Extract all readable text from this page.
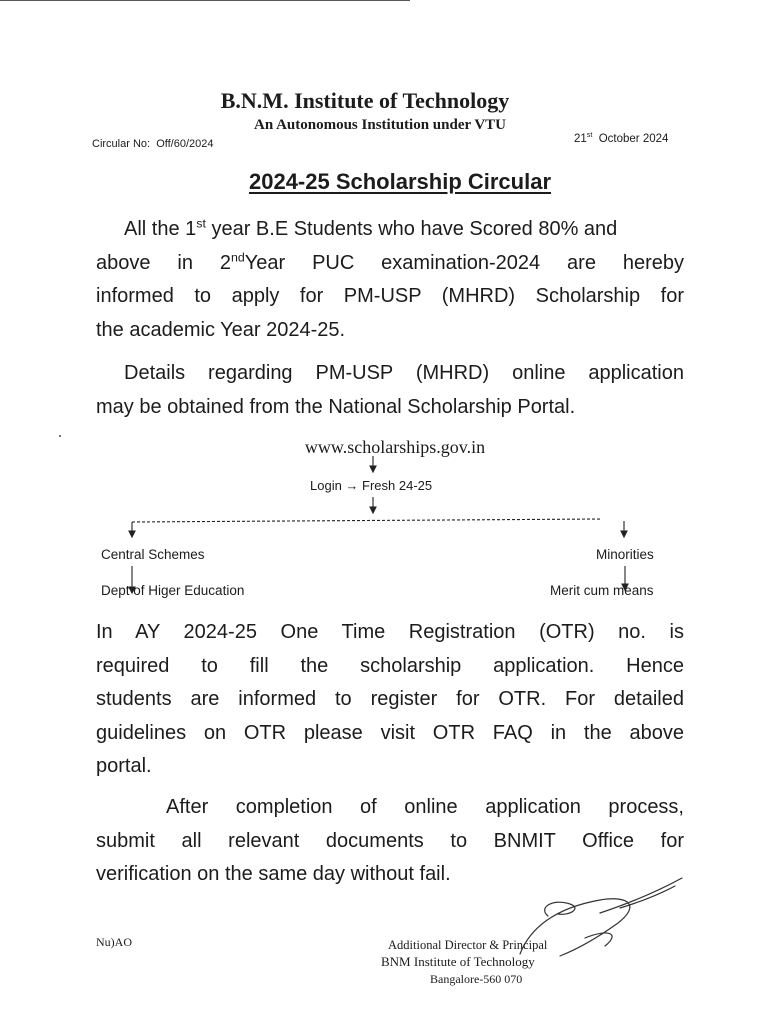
B.N.M. Institute of Technology
An Autonomous Institution under VTU
Circular No: Off/60/2024	21st October 2024
2024-25 Scholarship Circular
All the 1st year B.E Students who have Scored 80% and
above in 2ndYear PUC examination-2024 are hereby
informed to apply for PM-USP (MHRD) Scholarship for
the academic Year 2024-25.
Details regarding PM-USP (MHRD) online application
may be obtained from the National Scholarship Portal.
www.scholarships.gov.in
Login → Fresh 24-25
Central Schemes	Minorities
Dept of Higer Education	Merit cum means
In AY 2024-25 One Time Registration (OTR) no. is
required to fill the scholarship application. Hence
students are informed to register for OTR. For detailed
guidelines on OTR please visit OTR FAQ in the above
portal.
After completion of online application process,
submit all relevant documents to BNMIT Office for
verification on the same day without fail.
Nu)AO	Additional Director & Principal
BNM Institute of Technology
Bangalore-560 070
